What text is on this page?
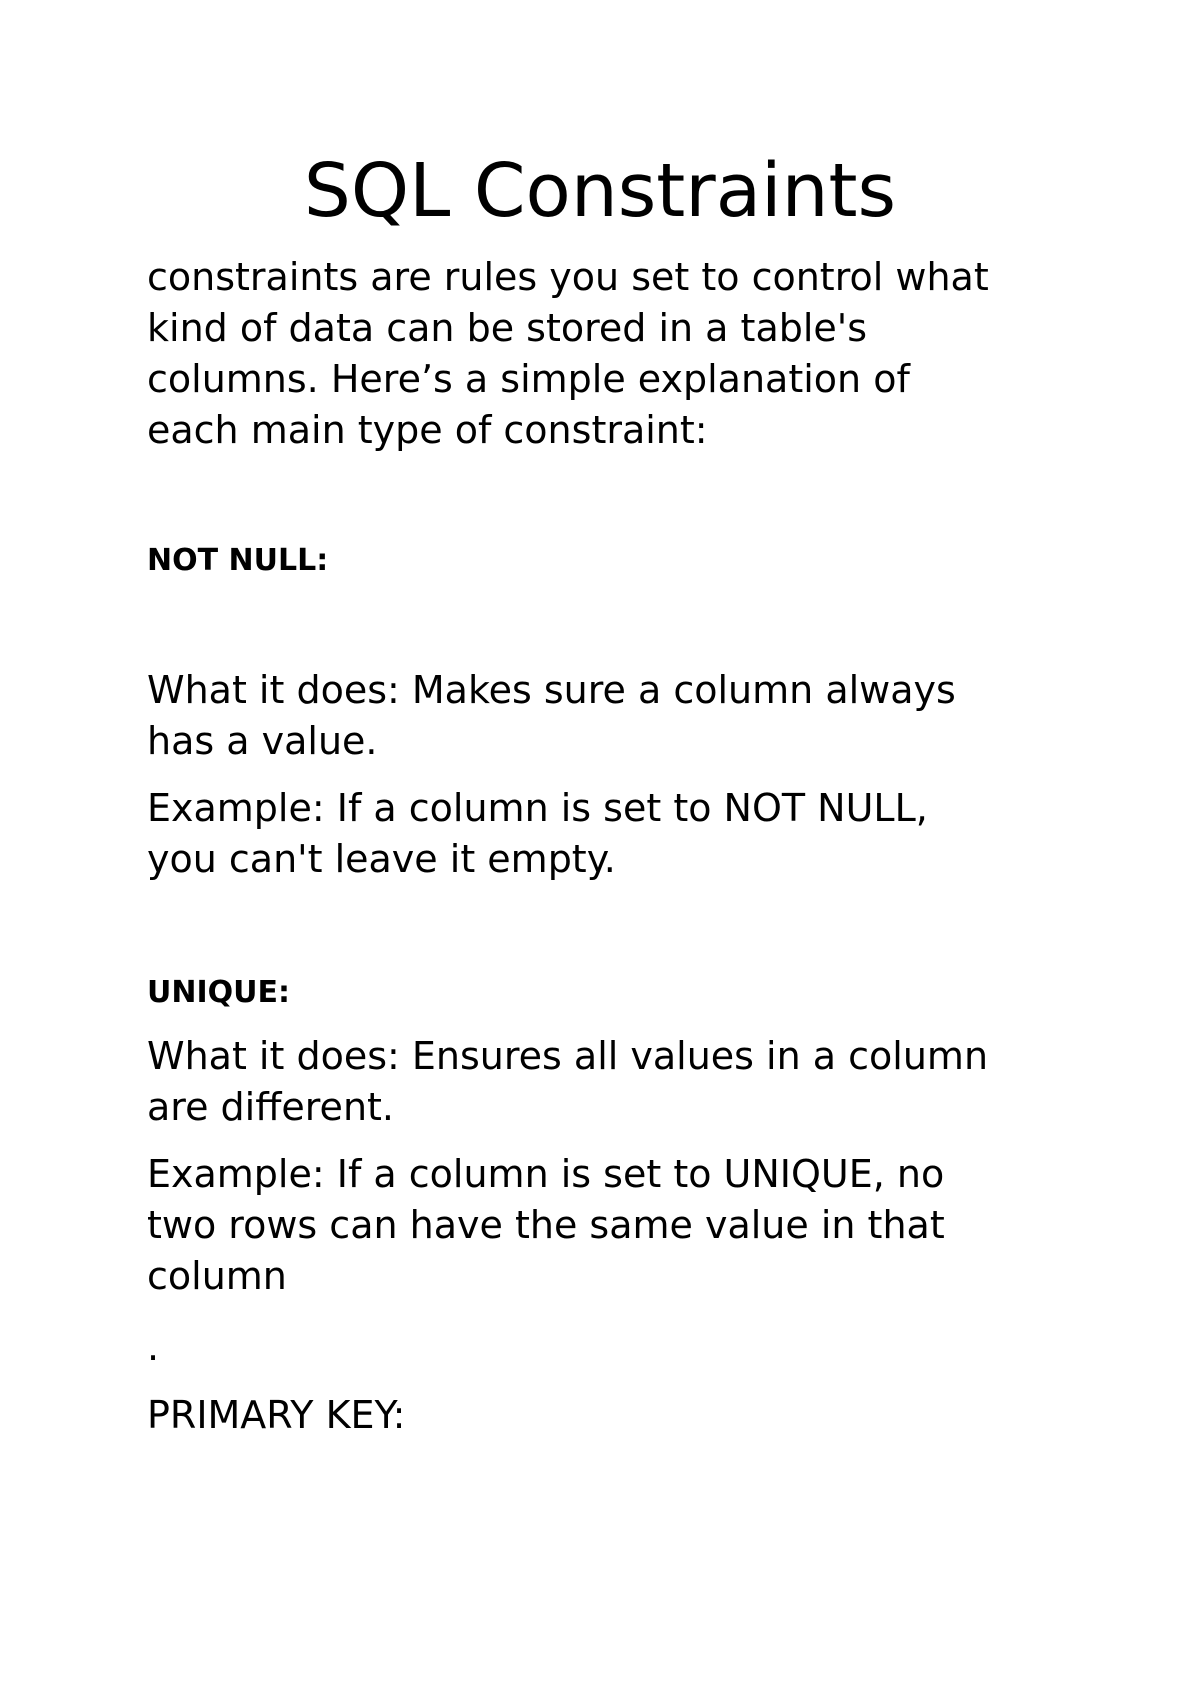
SQL Constraints

constraints are rules you set to control what
kind of data can be stored in a table's
columns. Here’s a simple explanation of
each main type of constraint:

NOT NULL:

What it does: Makes sure a column always
has a value.

Example: If a column is set to NOT NULL,
you can't leave it empty.

UNIQUE:

What it does: Ensures all values in a column
are different.

Example: If a column is set to UNIQUE, no
two rows can have the same value in that
column

.

PRIMARY KEY:
